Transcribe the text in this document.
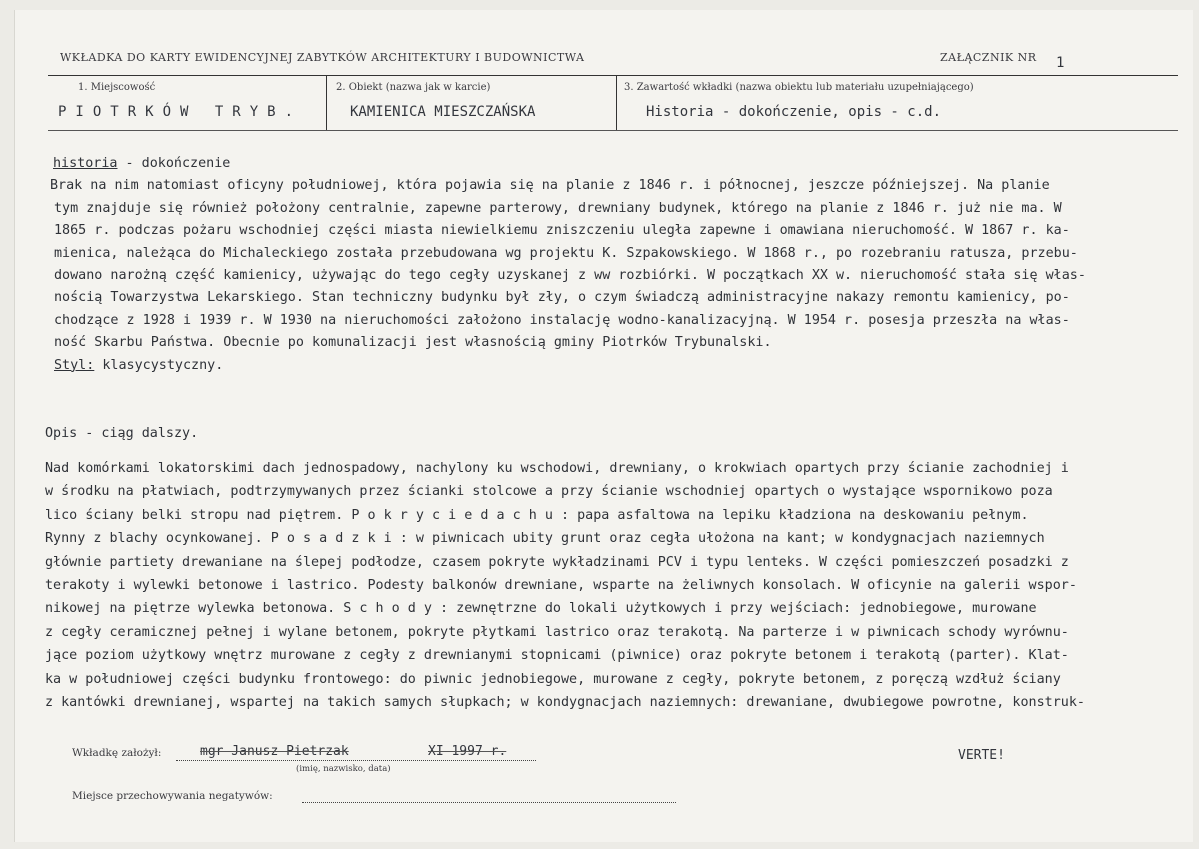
WKŁADKA DO KARTY EWIDENCYJNEJ ZABYTKÓW ARCHITEKTURY I BUDOWNICTWA	ZAŁĄCZNIK NR 1
1. Miejscowość
PIOTRKÓW TRYB.
2. Obiekt (nazwa jak w karcie)
KAMIENICA MIESZCZAŃSKA
3. Zawartość wkładki (nazwa obiektu lub materiału uzupełniającego)
Historia - dokończenie, opis - c.d.
historia - dokończenie
Brak na nim natomiast oficyny południowej, która pojawia się na planie z 1846 r. i północnej, jeszcze późniejszej. Na planie
tym znajduje się również położony centralnie, zapewne parterowy, drewniany budynek, którego na planie z 1846 r. już nie ma. W
1865 r. podczas pożaru wschodniej części miasta niewielkiemu zniszczeniu uległa zapewne i omawiana nieruchomość. W 1867 r. ka-
mienica, należąca do Michaleckiego została przebudowana wg projektu K. Szpakowskiego. W 1868 r., po rozebraniu ratusza, przebu-
dowano narożną część kamienicy, używając do tego cegły uzyskanej z ww rozbiórki. W początkach XX w. nieruchomość stała się włas-
nością Towarzystwa Lekarskiego. Stan techniczny budynku był zły, o czym świadczą administracyjne nakazy remontu kamienicy, po-
chodzące z 1928 i 1939 r. W 1930 na nieruchomości założono instalację wodno-kanalizacyjną. W 1954 r. posesja przeszła na włas-
ność Skarbu Państwa. Obecnie po komunalizacji jest własnością gminy Piotrków Trybunalski.
Styl: klasycystyczny.
Opis - ciąg dalszy.
Nad komórkami lokatorskimi dach jednospadowy, nachylony ku wschodowi, drewniany, o krokwiach opartych przy ścianie zachodniej i
w środku na płatwiach, podtrzymywanych przez ścianki stolcowe a przy ścianie wschodniej opartych o wystające wspornikowo poza
lico ściany belki stropu nad piętrem. P o k r y c i e d a c h u : papa asfaltowa na lepiku kładziona na deskowaniu pełnym.
Rynny z blachy ocynkowanej. P o s a d z k i : w piwnicach ubity grunt oraz cegła ułożona na kant; w kondygnacjach naziemnych
głównie partiety drewaniane na ślepej podłodze, czasem pokryte wykładzinami PCV i typu lenteks. W części pomieszczeń posadzki z
terakoty i wylewki betonowe i lastrico. Podesty balkonów drewniane, wsparte na żeliwnych konsolach. W oficynie na galerii wspor-
nikowej na piętrze wylewka betonowa. S c h o d y : zewnętrzne do lokali użytkowych i przy wejściach: jednobiegowe, murowane
z cegły ceramicznej pełnej i wylane betonem, pokryte płytkami lastrico oraz terakotą. Na parterze i w piwnicach schody wyrównu-
jące poziom użytkowy wnętrz murowane z cegły z drewnianymi stopnicami (piwnice) oraz pokryte betonem i terakotą (parter). Klat-
ka w południowej części budynku frontowego: do piwnic jednobiegowe, murowane z cegły, pokryte betonem, z poręczą wzdłuż ściany
z kantówki drewnianej, wspartej na takich samych słupkach; w kondygnacjach naziemnych: drewaniane, dwubiegowe powrotne, konstruk-
Wkładkę założył:	mgr Janusz Pietrzak	XI 1997 r.
(imię, nazwisko, data)
VERTE!
Miejsce przechowywania negatywów:
